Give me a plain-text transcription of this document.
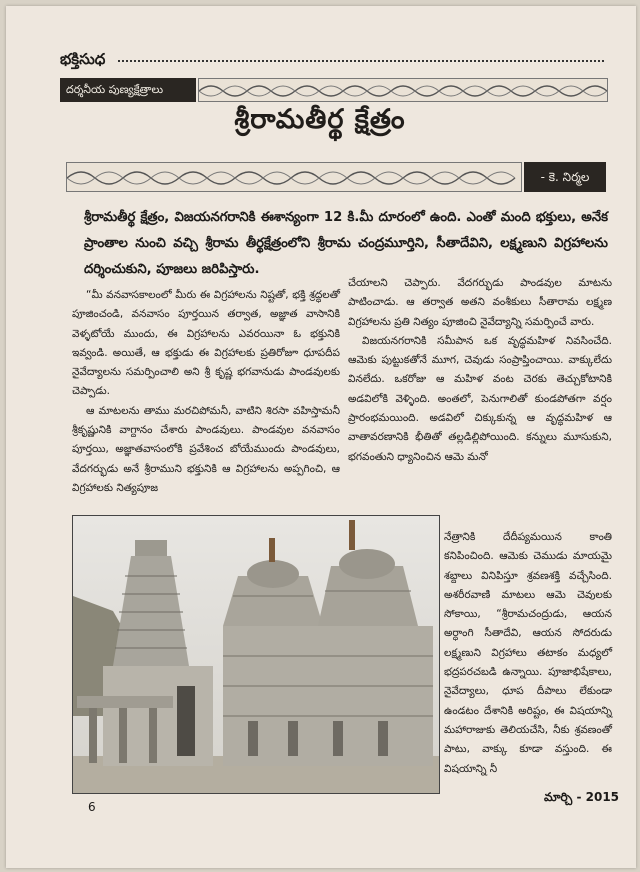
భక్తిసుధ
దర్శనీయ పుణ్యక్షేత్రాలు
శ్రీరామతీర్థ క్షేత్రం
- కె. నిర్మల
శ్రీరామతీర్థ క్షేత్రం, విజయనగరానికి ఈశాన్యంగా 12 కి.మీ దూరంలో ఉంది. ఎంతో మంది భక్తులు, అనేక ప్రాంతాల నుంచి వచ్చి శ్రీరామ తీర్థక్షేత్రంలోని శ్రీరామ చంద్రమూర్తిని, సీతాదేవిని, లక్ష్మణుని విగ్రహాలను దర్శించుకుని, పూజలు జరిపిస్తారు.

“మీ వనవాసకాలంలో మీరు ఈ విగ్రహాలను నిష్టతో, భక్తి శ్రద్ధలతో పూజించండి, వనవాసం పూర్తయిన తర్వాత, అజ్ఞాత వాసానికి వెళ్ళటోయే ముందు, ఈ విగ్రహాలను ఎవరయినా ఓ భక్తునికి ఇవ్వండి. అయితే, ఆ భక్తుడు ఈ విగ్రహాలకు ప్రతిరోజూ ధూపదీప నైవేద్యాలను సమర్పించాలి అని శ్రీ కృష్ణ భగవానుడు పాండవులకు చెప్పాడు.

ఆ మాటలను తాము మరచిపోమనీ, వాటిని శిరసా వహిస్తామనీ శ్రీకృష్ణునికి వాగ్దానం చేశారు పాండవులు. పాండవుల వనవాసం పూర్తయి, అజ్ఞాతవాసంలోకి ప్రవేశించ బోయేముందు పాండవులు, వేదగర్భుడు అనే శ్రీరాముని భక్తునికి ఆ విగ్రహాలను అప్పగించి, ఆ విగ్రహాలకు నిత్యపూజ

చేయాలని చెప్పారు. వేదగర్భుడు పాండవుల మాటను పాటించాడు. ఆ తర్వాత అతని వంశీకులు సీతారామ లక్ష్మణ విగ్రహాలను ప్రతి నిత్యం పూజించి నైవేద్యాన్ని సమర్పించే వారు.

విజయనగరానికి సమీపాన ఒక వృద్ధమహిళ నివసించేది. ఆమెకు పుట్టుకతోనే మూగ, చెవుడు సంప్రాప్తించాయి. వాక్కులేదు వినలేదు. ఒకరోజు ఆ మహిళ వంట చెరకు తెచ్చుకోటానికి అడవిలోకి వెళ్ళింది. అంతలో, పెనుగాలితో కుండపోతగా వర్షం ప్రారంభమయింది. అడవిలో చిక్కుకున్న ఆ వృద్ధమహిళ ఆ వాతావరణానికి భీతితో తల్లడిల్లిపోయింది. కన్నులు మూసుకుని, భగవంతుని ధ్యానించిన ఆమె మనో

నేత్రానికి దేదీప్యమయిన కాంతి కనిపించింది. ఆమెకు చెముడు మాయమై శబ్దాలు వినిపిస్తూ శ్రవణశక్తి వచ్చేసింది. అశరీరవాణి మాటలు ఆమె చెవులకు సోకాయి, “శ్రీరామచంద్రుడు, ఆయన అర్ధాంగి సీతాదేవి, ఆయన సోదరుడు లక్ష్మణుని విగ్రహాలు తటాకం మధ్యలో భద్రపరచబడి ఉన్నాయి. పూజాభిషేకాలు, నైవేద్యాలు, ధూప దీపాలు లేకుండా ఉండటం దేశానికి అరిష్టం, ఈ విషయాన్ని మహారాజుకు తెలియచేసి, నీకు శ్రవణంతో పాటు, వాక్కు కూడా వస్తుంది. ఈ విషయాన్ని నీ

6
మార్చి - 2015
